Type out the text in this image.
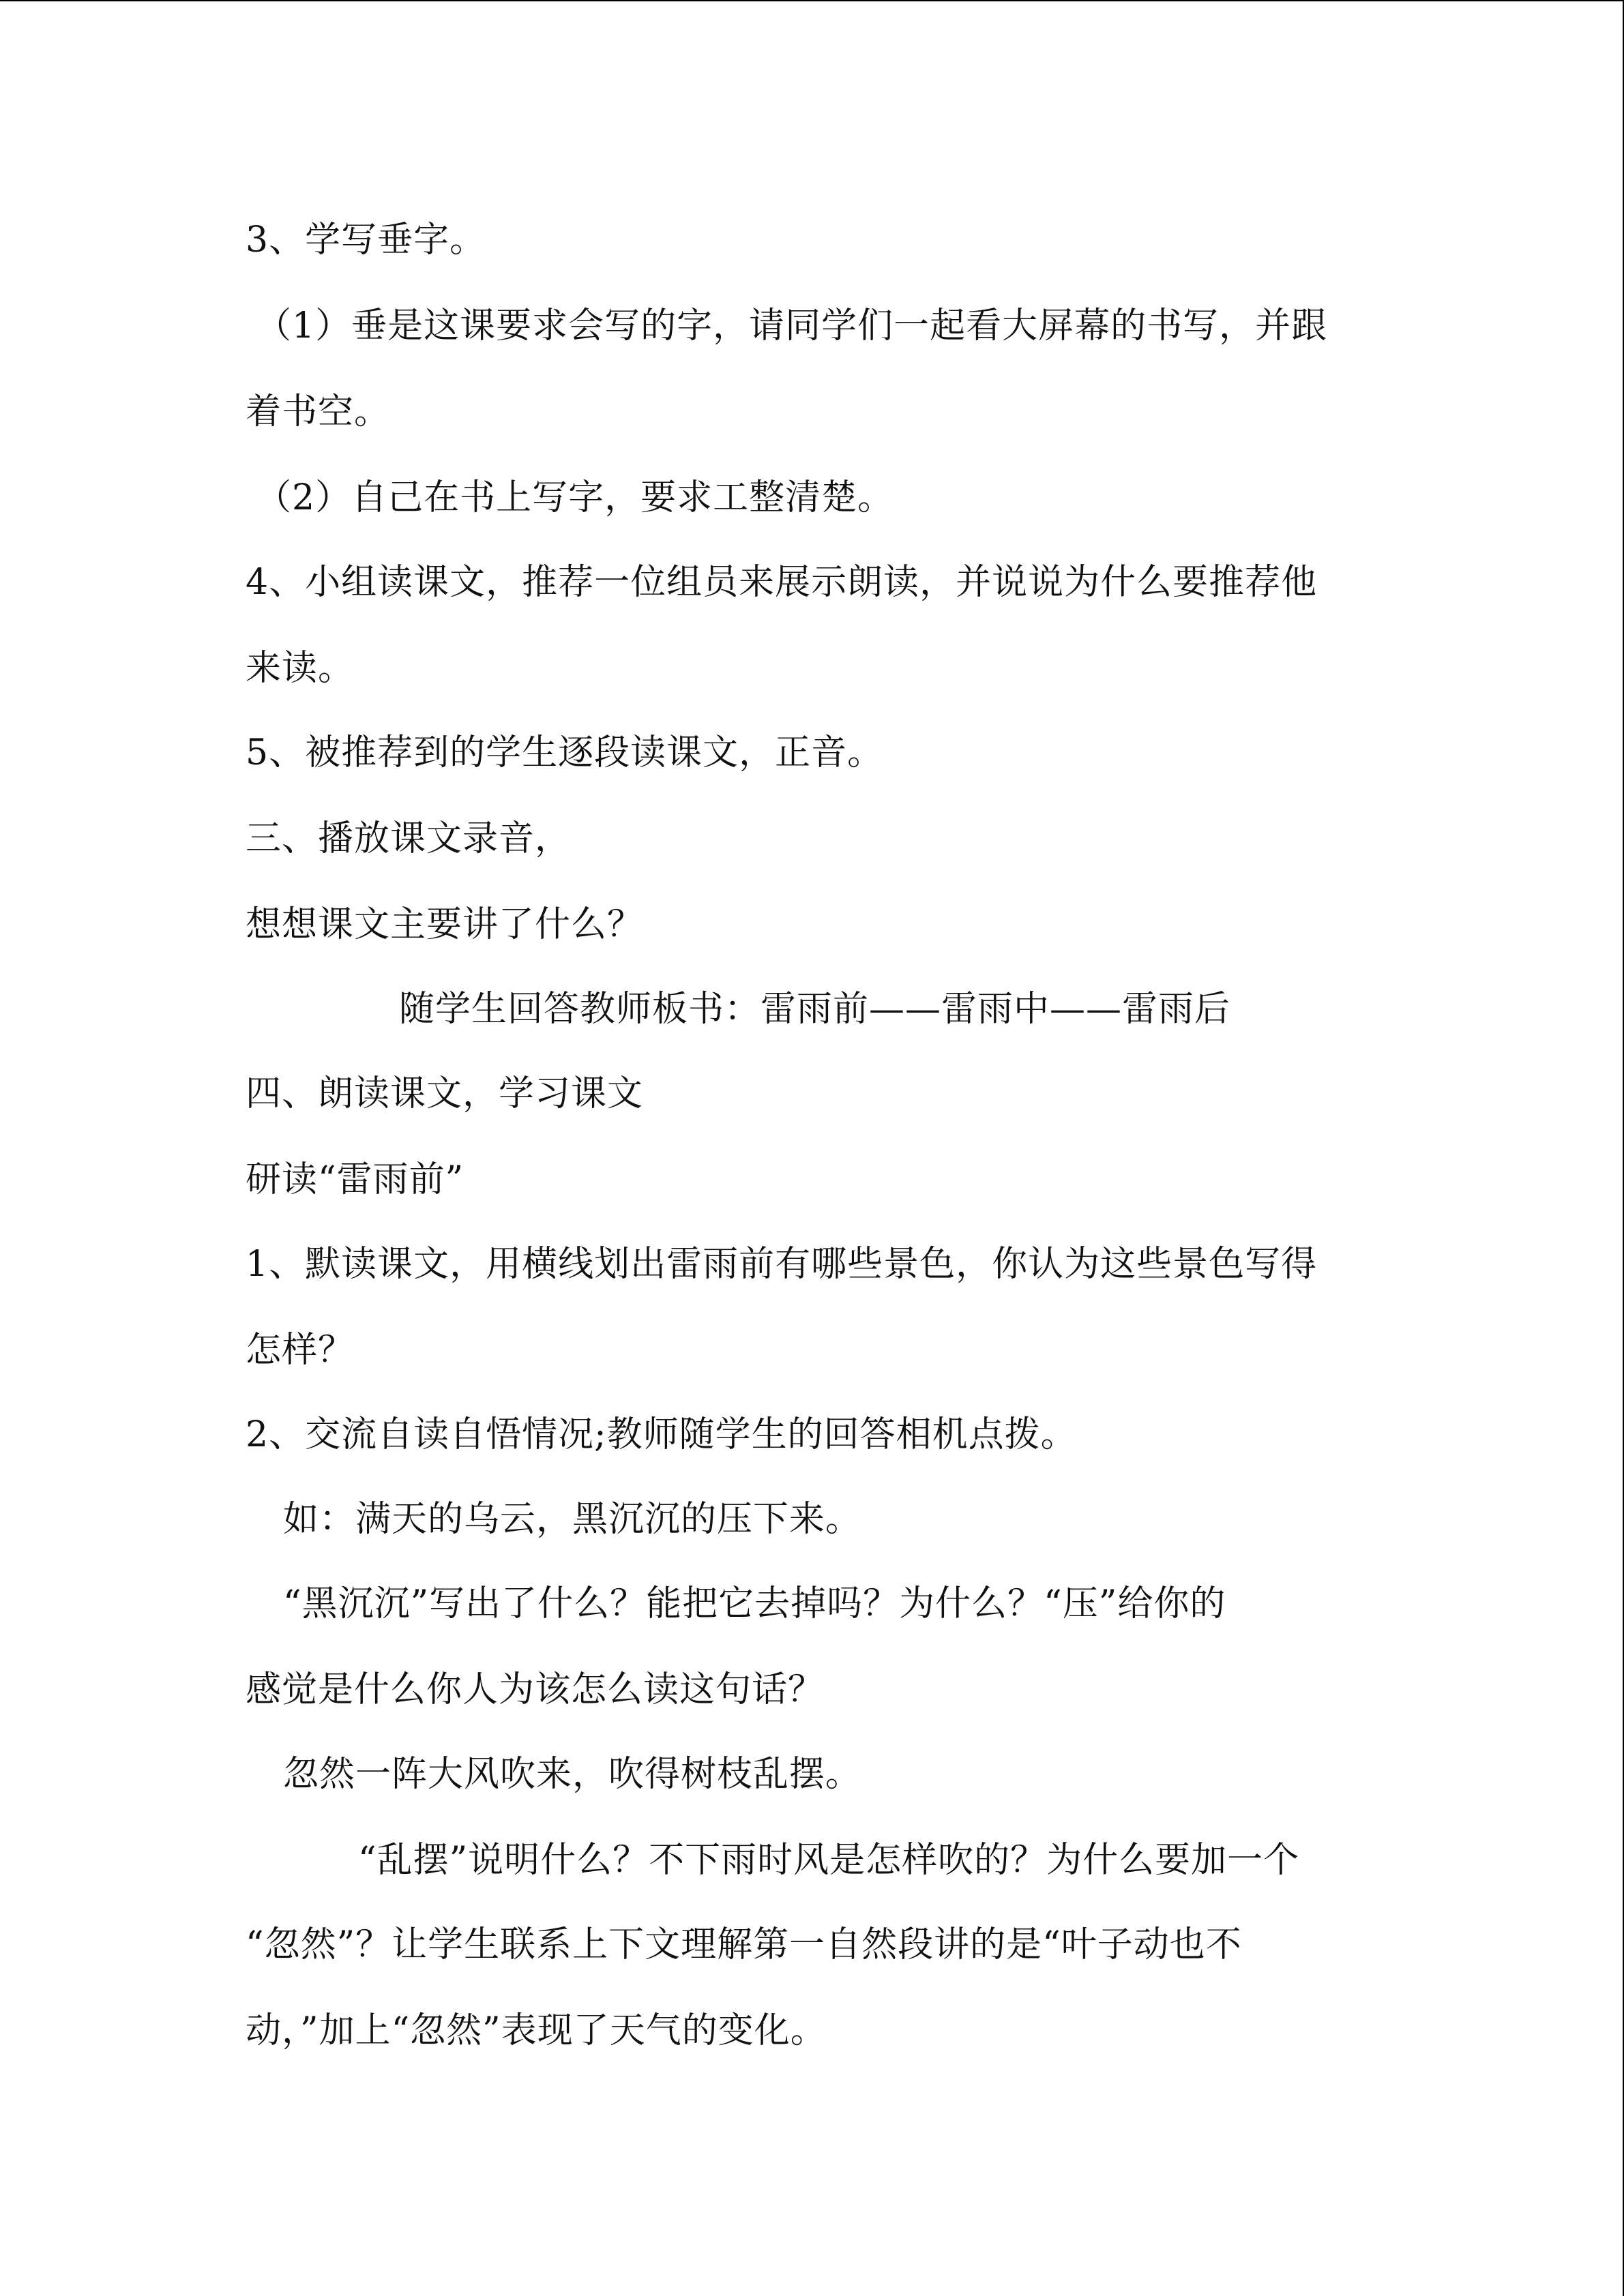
3、学写垂字。
（1）垂是这课要求会写的字，请同学们一起看大屏幕的书写，并跟
着书空。
（2）自己在书上写字，要求工整清楚。
4、小组读课文，推荐一位组员来展示朗读，并说说为什么要推荐他
来读。
5、被推荐到的学生逐段读课文，正音。
三、播放课文录音，
想想课文主要讲了什么？
随学生回答教师板书：雷雨前——雷雨中——雷雨后
四、朗读课文，学习课文
研读“雷雨前”
1、默读课文，用横线划出雷雨前有哪些景色，你认为这些景色写得
怎样？
2、交流自读自悟情况;教师随学生的回答相机点拨。
如：满天的乌云，黑沉沉的压下来。
“黑沉沉”写出了什么？能把它去掉吗？为什么？“压”给你的
感觉是什么你人为该怎么读这句话？
忽然一阵大风吹来，吹得树枝乱摆。
“乱摆”说明什么？不下雨时风是怎样吹的？为什么要加一个
“忽然”？让学生联系上下文理解第一自然段讲的是“叶子动也不
动，”加上“忽然”表现了天气的变化。
